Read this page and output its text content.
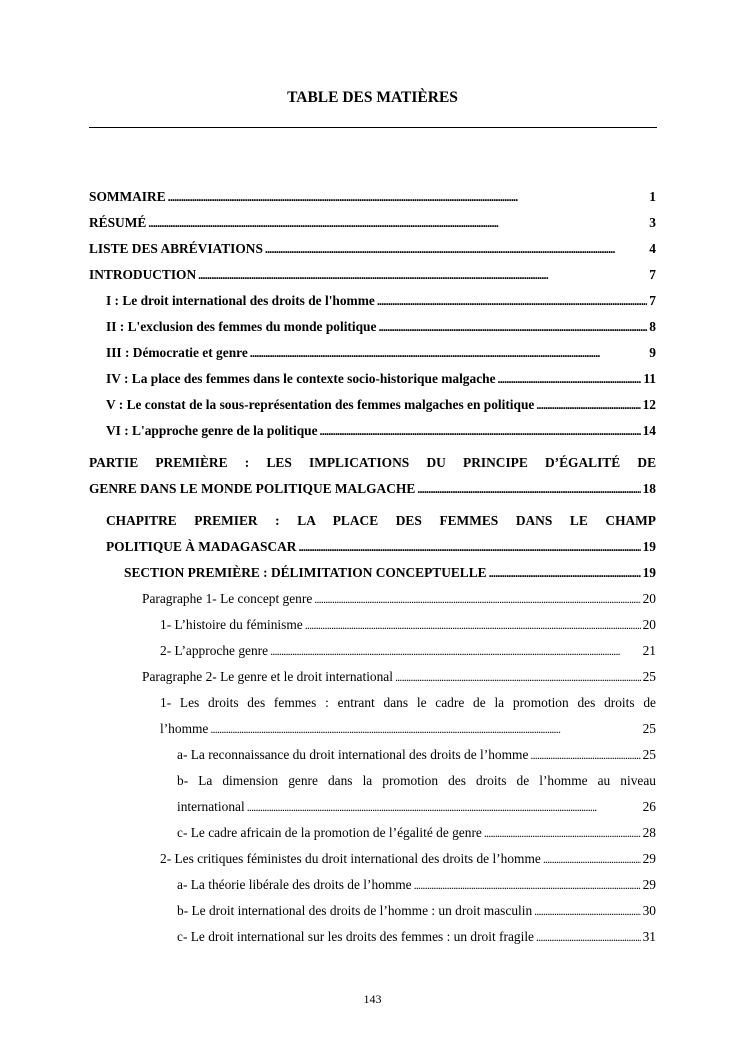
TABLE DES MATIÈRES
SOMMAIRE . . .	1
RÉSUMÉ . . .	3
LISTE DES ABRÉVIATIONS . . .	4
INTRODUCTION . . .	7
I : Le droit international des droits de l'homme . . .	7
II : L'exclusion des femmes du monde politique . . .	8
III : Démocratie et genre . . .	9
IV : La place des femmes dans le contexte socio-historique malgache . . .	11
V : Le constat de la sous-représentation des femmes malgaches en politique . . .	12
VI : L'approche genre de la politique . . .	14
PARTIE PREMIÈRE : LES IMPLICATIONS DU PRINCIPE D’ÉGALITÉ DE
GENRE DANS LE MONDE POLITIQUE MALGACHE . . .	18
CHAPITRE PREMIER : LA PLACE DES FEMMES DANS LE CHAMP
POLITIQUE À MADAGASCAR . . .	19
SECTION PREMIÈRE : DÉLIMITATION CONCEPTUELLE . . .	19
Paragraphe 1- Le concept genre . . .	20
1- L’histoire du féminisme . . .	20
2- L’approche genre . . .	21
Paragraphe 2- Le genre et le droit international . . .	25
1- Les droits des femmes : entrant dans le cadre de la promotion des droits de
l’homme . . .	25
a- La reconnaissance du droit international des droits de l’homme . . .	25
b- La dimension genre dans la promotion des droits de l’homme au niveau
international . . .	26
c- Le cadre africain de la promotion de l’égalité de genre . . .	28
2- Les critiques féministes du droit international des droits de l’homme . . .	29
a- La théorie libérale des droits de l’homme . . .	29
b- Le droit international des droits de l’homme : un droit masculin . . .	30
c- Le droit international sur les droits des femmes : un droit fragile . . .	31
143
